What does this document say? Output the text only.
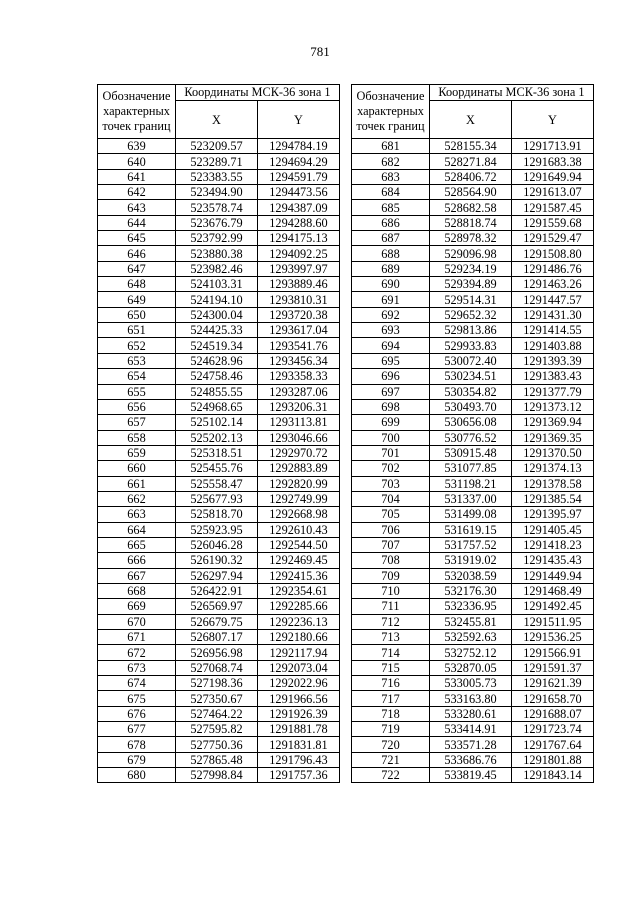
781
Обозначение характерных точек границ	Координаты МСК-36 зона 1	
	X	Y
639	523209.57	1294784.19
640	523289.71	1294694.29
641	523383.55	1294591.79
642	523494.90	1294473.56
643	523578.74	1294387.09
644	523676.79	1294288.60
645	523792.99	1294175.13
646	523880.38	1294092.25
647	523982.46	1293997.97
648	524103.31	1293889.46
649	524194.10	1293810.31
650	524300.04	1293720.38
651	524425.33	1293617.04
652	524519.34	1293541.76
653	524628.96	1293456.34
654	524758.46	1293358.33
655	524855.55	1293287.06
656	524968.65	1293206.31
657	525102.14	1293113.81
658	525202.13	1293046.66
659	525318.51	1292970.72
660	525455.76	1292883.89
661	525558.47	1292820.99
662	525677.93	1292749.99
663	525818.70	1292668.98
664	525923.95	1292610.43
665	526046.28	1292544.50
666	526190.32	1292469.45
667	526297.94	1292415.36
668	526422.91	1292354.61
669	526569.97	1292285.66
670	526679.75	1292236.13
671	526807.17	1292180.66
672	526956.98	1292117.94
673	527068.74	1292073.04
674	527198.36	1292022.96
675	527350.67	1291966.56
676	527464.22	1291926.39
677	527595.82	1291881.78
678	527750.36	1291831.81
679	527865.48	1291796.43
680	527998.84	1291757.36
Обозначение характерных точек границ	Координаты МСК-36 зона 1	
	X	Y
681	528155.34	1291713.91
682	528271.84	1291683.38
683	528406.72	1291649.94
684	528564.90	1291613.07
685	528682.58	1291587.45
686	528818.74	1291559.68
687	528978.32	1291529.47
688	529096.98	1291508.80
689	529234.19	1291486.76
690	529394.89	1291463.26
691	529514.31	1291447.57
692	529652.32	1291431.30
693	529813.86	1291414.55
694	529933.83	1291403.88
695	530072.40	1291393.39
696	530234.51	1291383.43
697	530354.82	1291377.79
698	530493.70	1291373.12
699	530656.08	1291369.94
700	530776.52	1291369.35
701	530915.48	1291370.50
702	531077.85	1291374.13
703	531198.21	1291378.58
704	531337.00	1291385.54
705	531499.08	1291395.97
706	531619.15	1291405.45
707	531757.52	1291418.23
708	531919.02	1291435.43
709	532038.59	1291449.94
710	532176.30	1291468.49
711	532336.95	1291492.45
712	532455.81	1291511.95
713	532592.63	1291536.25
714	532752.12	1291566.91
715	532870.05	1291591.37
716	533005.73	1291621.39
717	533163.80	1291658.70
718	533280.61	1291688.07
719	533414.91	1291723.74
720	533571.28	1291767.64
721	533686.76	1291801.88
722	533819.45	1291843.14
